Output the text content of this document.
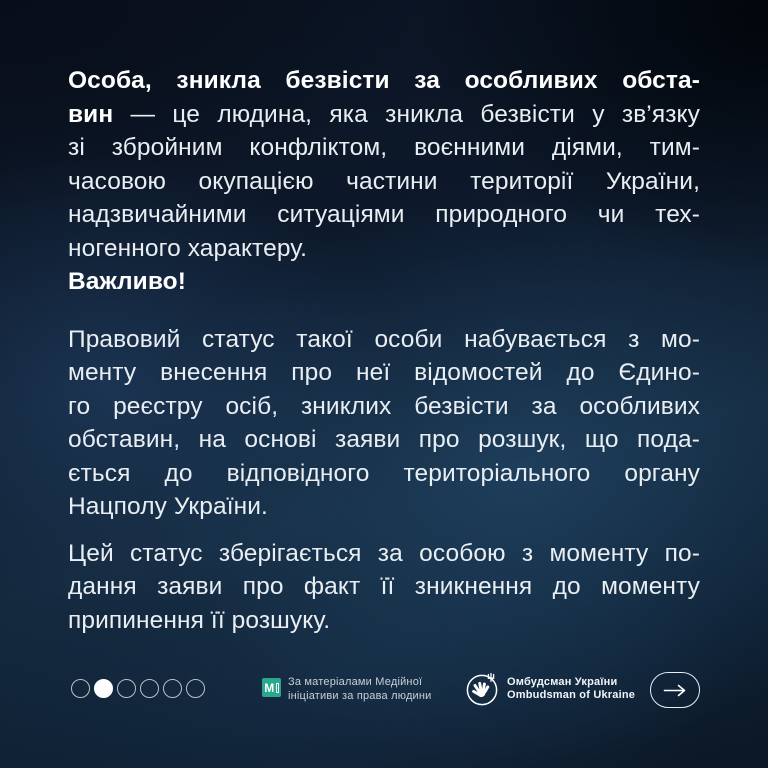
Особа, зникла безвісти за особливих обста-
вин — це людина, яка зникла безвісти у зв’язку
зі збройним конфліктом, воєнними діями, тим-
часовою окупацією частини території України,
надзвичайними ситуаціями природного чи тех-
ногенного характеру.
Важливо!
Правовий статус такої особи набувається з мо-
менту внесення про неї відомостей до Єдино-
го реєстру осіб, зниклих безвісти за особливих
обставин, на основі заяви про розшук, що пода-
ється до відповідного територіального органу
Нацполу України.
Цей статус зберігається за особою з моменту по-
дання заяви про факт її зникнення до моменту
припинення її розшуку.
М За матеріалами Медійної
ініціативи за права людини
Омбудсман України
Ombudsman of Ukraine
